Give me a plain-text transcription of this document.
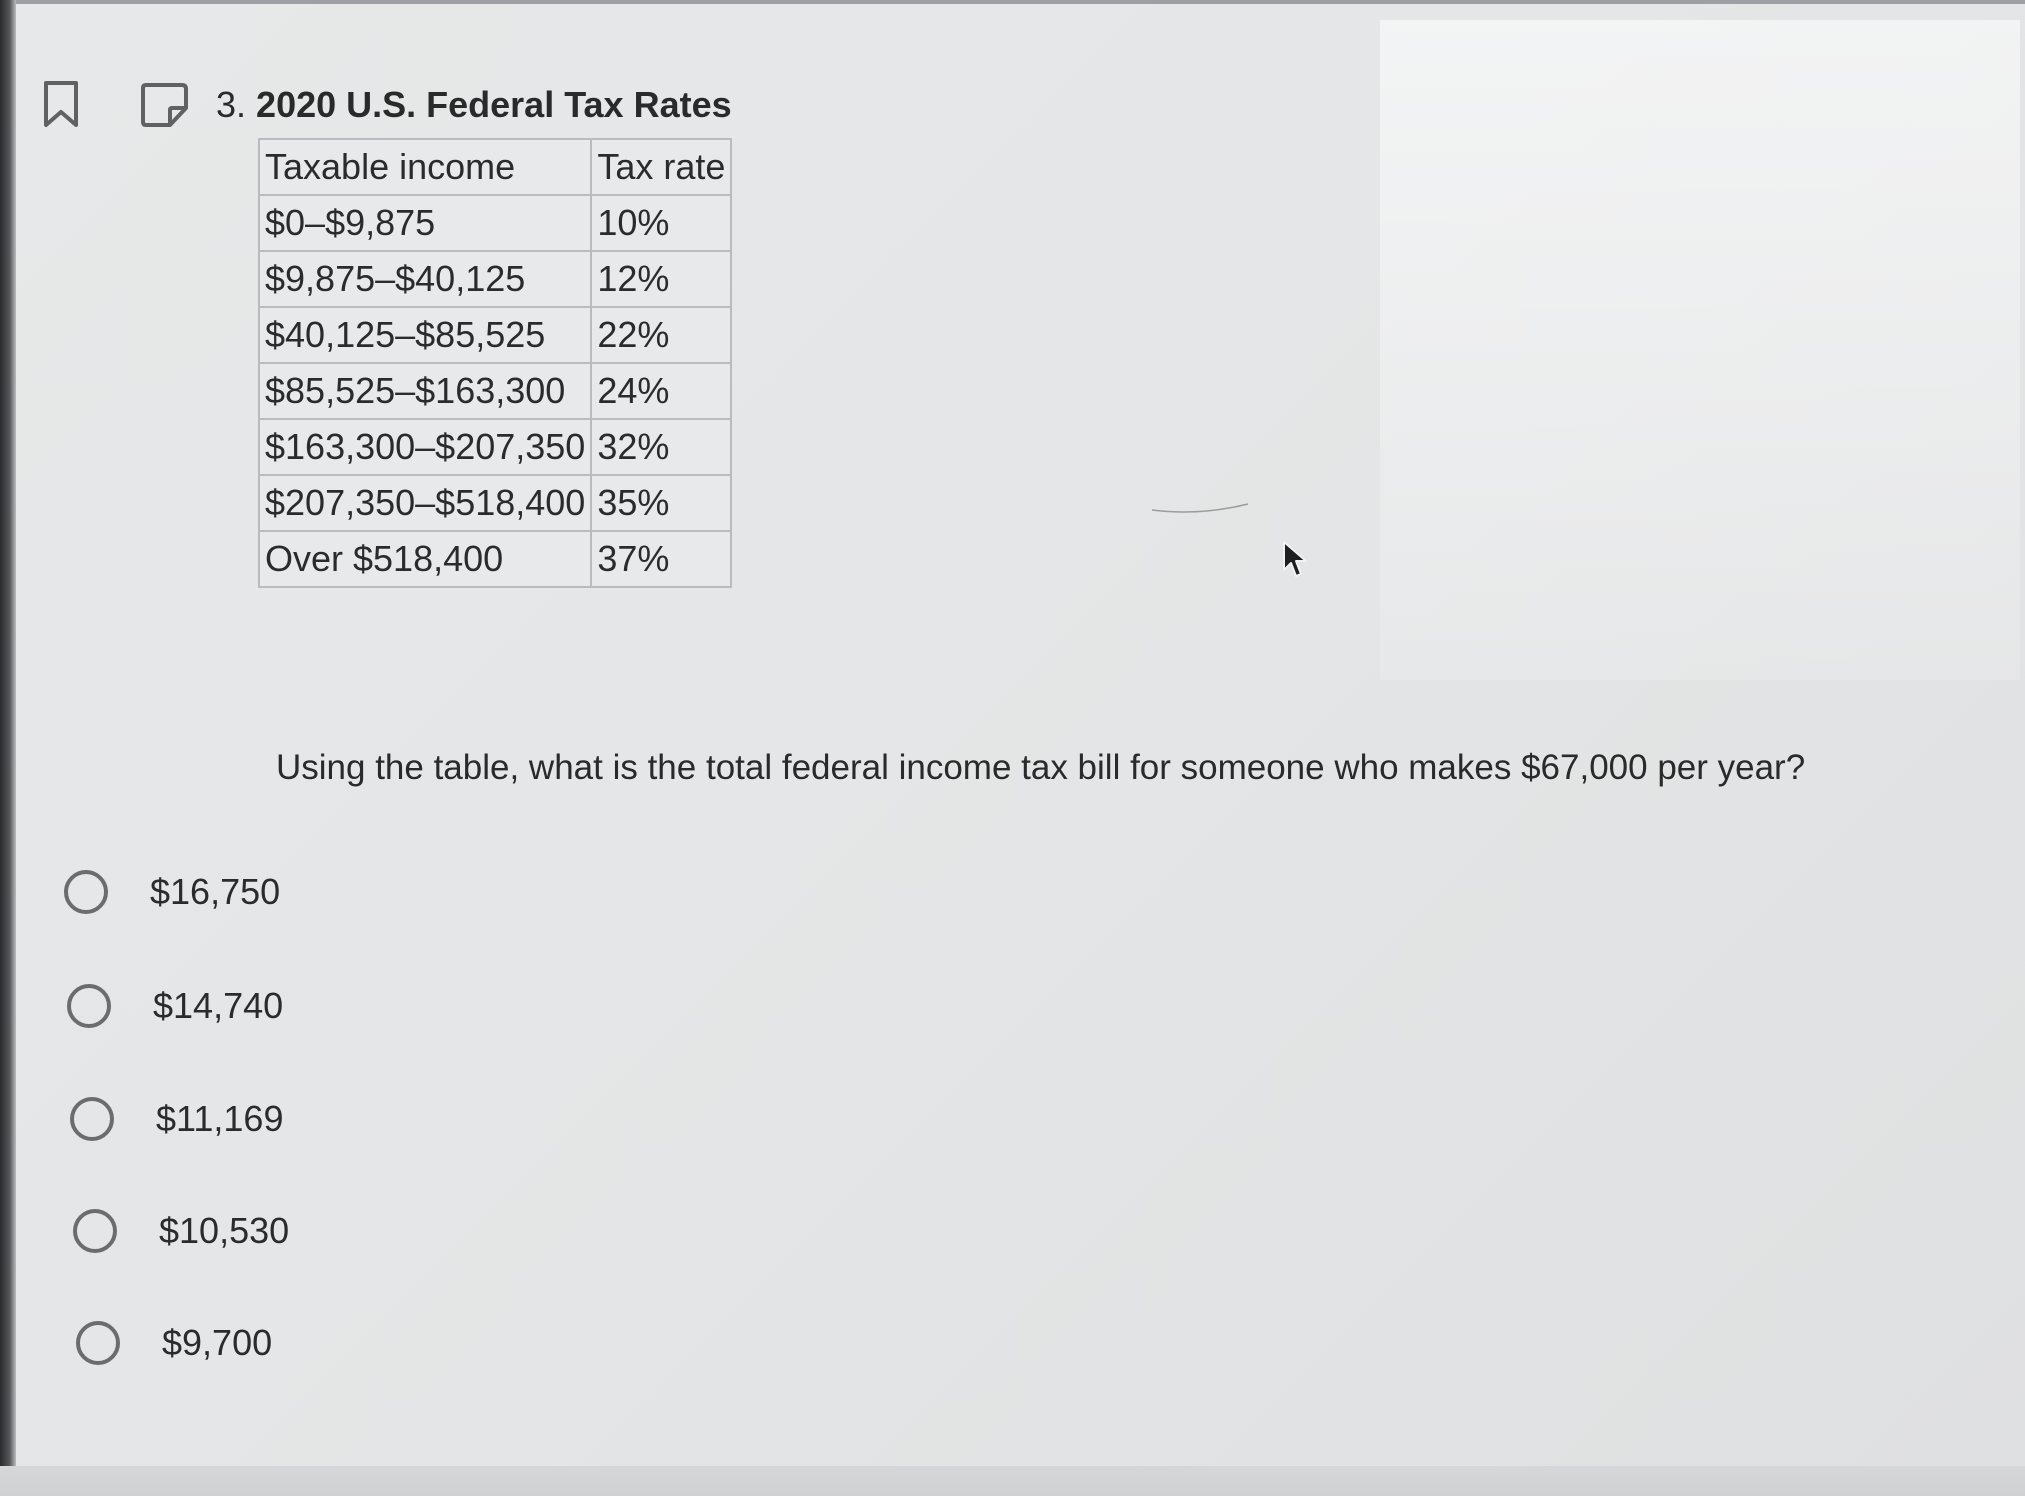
3. 2020 U.S. Federal Tax Rates
Taxable income	Tax rate
$0–$9,875	10%
$9,875–$40,125	12%
$40,125–$85,525	22%
$85,525–$163,300	24%
$163,300–$207,350	32%
$207,350–$518,400	35%
Over $518,400	37%
Using the table, what is the total federal income tax bill for someone who makes $67,000 per year?
$16,750
$14,740
$11,169
$10,530
$9,700
